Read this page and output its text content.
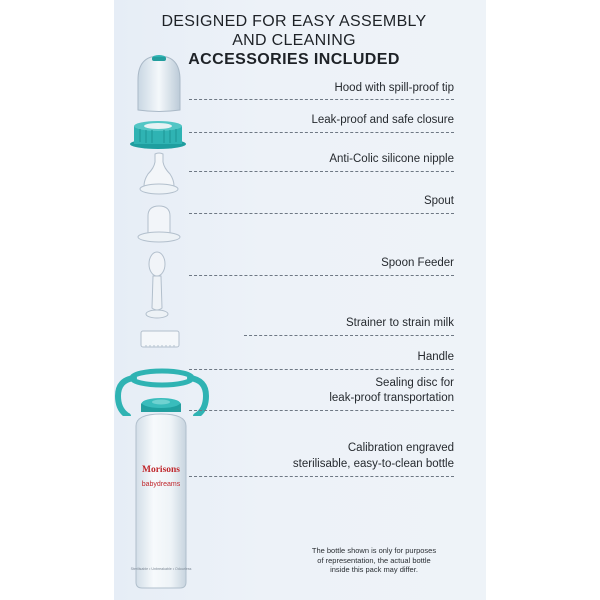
DESIGNED FOR EASY ASSEMBLY
AND CLEANING
ACCESSORIES INCLUDED
Hood with spill-proof tip
Leak-proof and safe closure
Anti-Colic silicone nipple
Spout
Spoon Feeder
Strainer to strain milk
Handle
Sealing disc for
leak-proof transportation
Morisons
babydreams
Sterilisable • Unbreakable • Odourless
Calibration engraved
sterilisable, easy-to-clean bottle
The bottle shown is only for purposes
of representation, the actual bottle
inside this pack may differ.
